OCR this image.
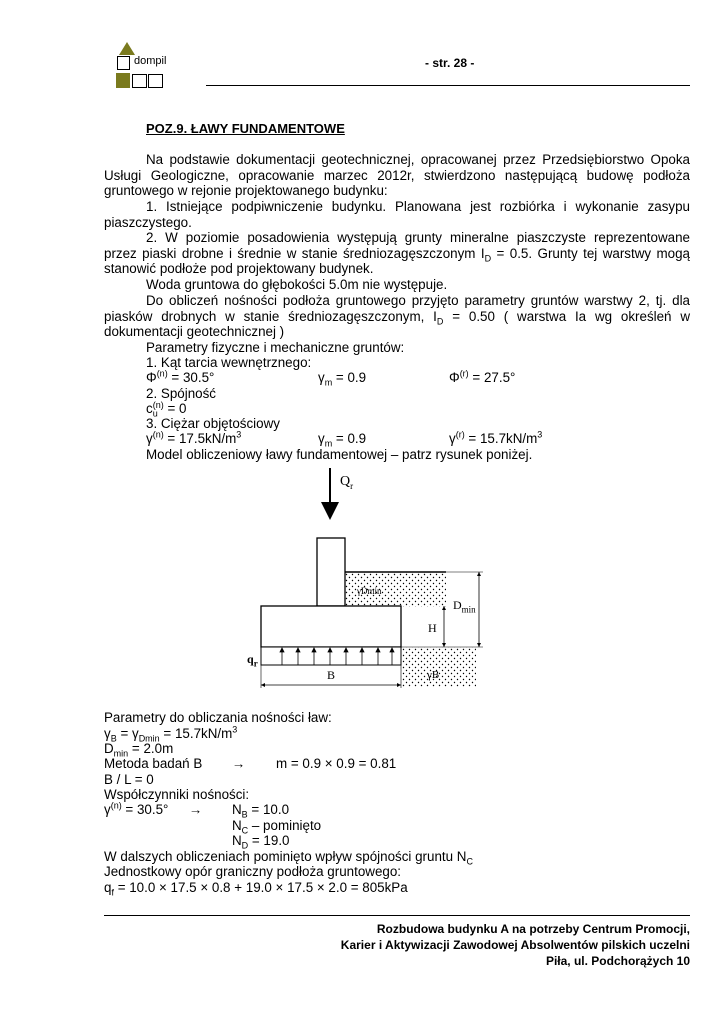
dompil	- str. 28 -
POZ.9. ŁAWY FUNDAMENTOWE
Na podstawie dokumentacji geotechnicznej, opracowanej przez Przedsiębiorstwo Opoka Usługi Geologiczne, opracowanie marzec 2012r, stwierdzono następującą budowę podłoża gruntowego w rejonie projektowanego budynku:
1. Istniejące podpiwniczenie budynku. Planowana jest rozbiórka i wykonanie zasypu piaszczystego.
2. W poziomie posadowienia występują grunty mineralne piaszczyste reprezentowane przez piaski drobne i średnie w stanie średniozagęszczonym $I_D = 0.5$. Grunty tej warstwy mogą stanowić podłoże pod projektowany budynek.
Woda gruntowa do głębokości 5.0m nie występuje.
Do obliczeń nośności podłoża gruntowego przyjęto parametry gruntów warstwy 2, tj. dla piasków drobnych w stanie średniozagęszczonym, $I_D = 0.50$ ( warstwa Ia wg określeń w dokumentacji geotechnicznej )
Parametry fizyczne i mechaniczne gruntów:
1. Kąt tarcia wewnętrznego:
$\Phi^{(n)} = 30.5^\circ$	$\gamma_m = 0.9$	$\Phi^{(r)} = 27.5^\circ$
2. Spójność
$c_u^{(n)} = 0$
3. Ciężar objętościowy
$\gamma^{(n)} = 17.5kN/m^3$	$\gamma_m = 0.9$	$\gamma^{(r)} = 15.7kN/m^3$
Model obliczeniowy ławy fundamentowej – patrz rysunek poniżej.
$Q_r$
γDmin
$D_{min}$
H
$q_r$
γB
B
Parametry do obliczania nośności ław:
$\gamma_B = \gamma_{Dmin} = 15.7kN/m^3$
$D_{min} = 2.0m$
Metoda badań B → m = 0.9 × 0.9 = 0.81
B / L = 0
Współczynniki nośności:
$\gamma^{(n)} = 30.5^\circ \to N_B = 10.0$
$N_C$ – pominięto
$N_D = 19.0$
W dalszych obliczeniach pominięto wpływ spójności gruntu $N_C$
Jednostkowy opór graniczny podłoża gruntowego:
$q_f = 10.0 \times 17.5 \times 0.8 + 19.0 \times 17.5 \times 2.0 = 805kPa$
Rozbudowa budynku A na potrzeby Centrum Promocji,
Karier i Aktywizacji Zawodowej Absolwentów pilskich uczelni
Piła, ul. Podchorążych 10
